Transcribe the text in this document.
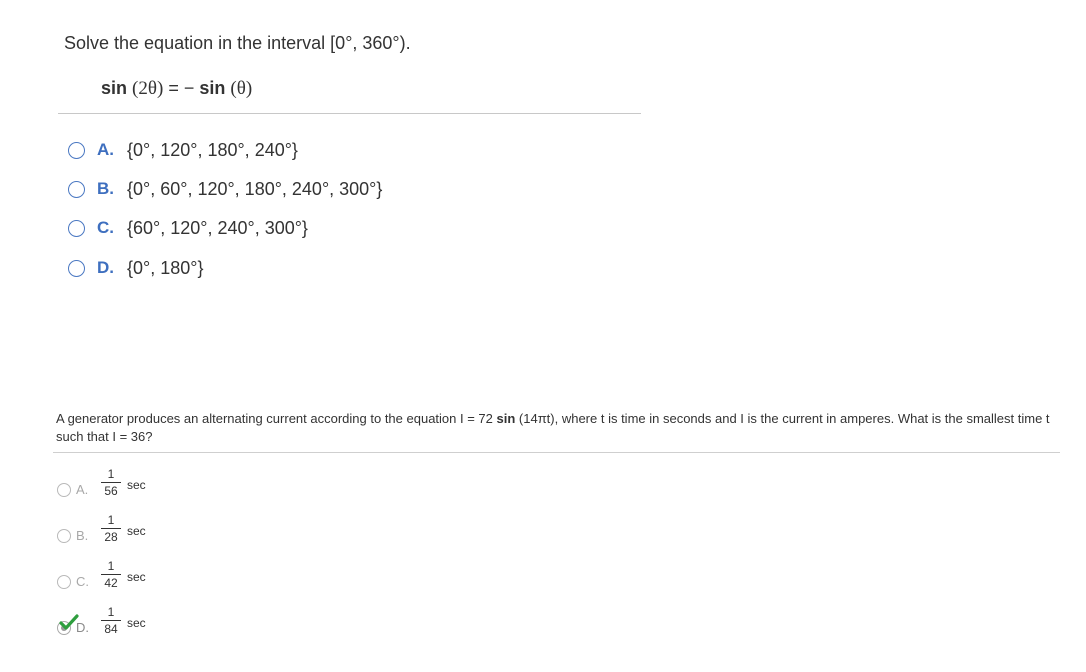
Solve the equation in the interval [0°, 360°).
sin (2θ) = − sin (θ)
A. {0°, 120°, 180°, 240°}
B. {0°, 60°, 120°, 180°, 240°, 300°}
C. {60°, 120°, 240°, 300°}
D. {0°, 180°}
A generator produces an alternating current according to the equation I = 72 sin (14πt), where t is time in seconds and I is the current in amperes. What is the smallest time t such that I = 36?
A.
1
56 sec
B.
1
28 sec
C.
1
42 sec
D.
1
84 sec
